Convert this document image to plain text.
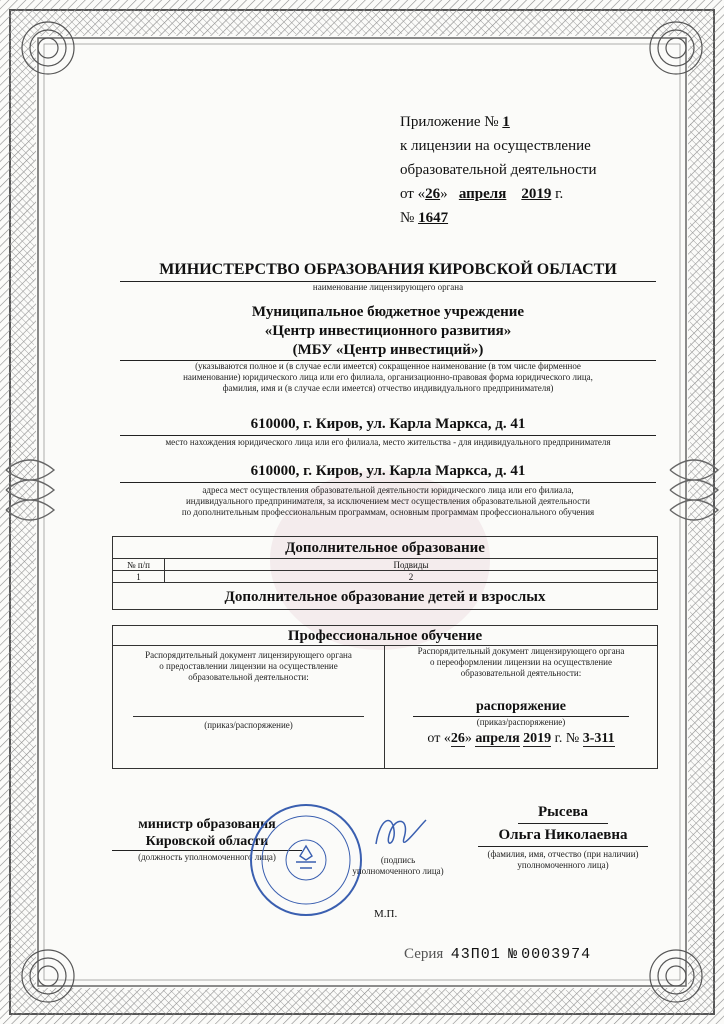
Приложение № 1
к лицензии на осуществление
образовательной деятельности
от «26» апреля 2019 г.
№ 1647
МИНИСТЕРСТВО ОБРАЗОВАНИЯ КИРОВСКОЙ ОБЛАСТИ
наименование лицензирующего органа
Муниципальное бюджетное учреждение
«Центр инвестиционного развития»
(МБУ «Центр инвестиций»)
(указываются полное и (в случае если имеется) сокращенное наименование (в том числе фирменное
наименование) юридического лица или его филиала, организационно-правовая форма юридического лица,
фамилия, имя и (в случае если имеется) отчество индивидуального предпринимателя)
610000, г. Киров, ул. Карла Маркса, д. 41
место нахождения юридического лица или его филиала, место жительства - для индивидуального предпринимателя
610000, г. Киров, ул. Карла Маркса, д. 41
адреса мест осуществления образовательной деятельности юридического лица или его филиала,
индивидуального предпринимателя, за исключением мест осуществления образовательной деятельности
по дополнительным профессиональным программам, основным программам профессионального обучения
Дополнительное образование
№ п/п	Подвиды
1	2
Дополнительное образование детей и взрослых
Профессиональное обучение
Распорядительный документ лицензирующего органа
о предоставлении лицензии на осуществление
образовательной деятельности:
(приказ/распоряжение)
Распорядительный документ лицензирующего органа
о переоформлении лицензии на осуществление
образовательной деятельности:
распоряжение
(приказ/распоряжение)
от «26» апреля 2019 г. № 3-311
министр образования
Кировской области
(должность уполномоченного лица)	(подпись
уполномоченного лица)
Рысева
Ольга Николаевна
(фамилия, имя, отчество (при наличии)
уполномоченного лица)
М.П.
Серия 43П01 № 0003974
